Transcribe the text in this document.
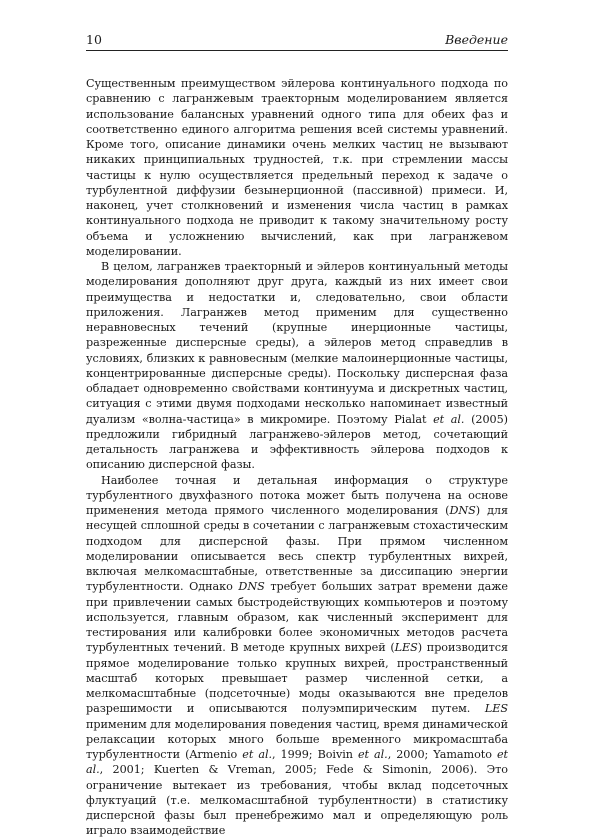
10	Введение

Существенным преимуществом эйлерова континуального подхода по сравнению с лагранжевым траекторным моделированием является использование балансных уравнений одного типа для обеих фаз и соответственно единого алгоритма решения всей системы уравнений. Кроме того, описание динамики очень мелких частиц не вызывают никаких принципиальных трудностей, т.к. при стремлении массы частицы к нулю осуществляется предельный переход к задаче о турбулентной диффузии безынерционной (пассивной) примеси. И, наконец, учет столкновений и изменения числа частиц в рамках континуального подхода не приводит к такому значительному росту объема и усложнению вычислений, как при лагранжевом моделировании.

В целом, лагранжев траекторный и эйлеров континуальный методы моделирования дополняют друг друга, каждый из них имеет свои преимущества и недостатки и, следовательно, свои области приложения. Лагранжев метод применим для существенно неравновесных течений (крупные инерционные частицы, разреженные дисперсные среды), а эйлеров метод справедлив в условиях, близких к равновесным (мелкие малоинерционные частицы, концентрированные дисперсные среды). Поскольку дисперсная фаза обладает одновременно свойствами континуума и дискретных частиц, ситуация с этими двумя подходами несколько напоминает известный дуализм «волна-частица» в микромире. Поэтому Pialat et al. (2005) предложили гибридный лагранжево-эйлеров метод, сочетающий детальность лагранжева и эффективность эйлерова подходов к описанию дисперсной фазы.

Наиболее точная и детальная информация о структуре турбулентного двухфазного потока может быть получена на основе применения метода прямого численного моделирования (DNS) для несущей сплошной среды в сочетании с лагранжевым стохастическим подходом для дисперсной фазы. При прямом численном моделировании описывается весь спектр турбулентных вихрей, включая мелкомасштабные, ответственные за диссипацию энергии турбулентности. Однако DNS требует больших затрат времени даже при привлечении самых быстродействующих компьютеров и поэтому используется, главным образом, как численный эксперимент для тестирования или калибровки более экономичных методов расчета турбулентных течений. В методе крупных вихрей (LES) производится прямое моделирование только крупных вихрей, пространственный масштаб которых превышает размер численной сетки, а мелкомасштабные (подсеточные) моды оказываются вне пределов разрешимости и описываются полуэмпирическим путем. LES применим для моделирования поведения частиц, время динамической релаксации которых много больше временного микромасштаба турбулентности (Armenio et al., 1999; Boivin et al., 2000; Yamamoto et al., 2001; Kuerten & Vreman, 2005; Fede & Simonin, 2006). Это ограничение вытекает из требования, чтобы вклад подсеточных флуктуаций (т.е. мелкомасштабной турбулентности) в статистику дисперсной фазы был пренебрежимо мал и определяющую роль играло взаимодействие
